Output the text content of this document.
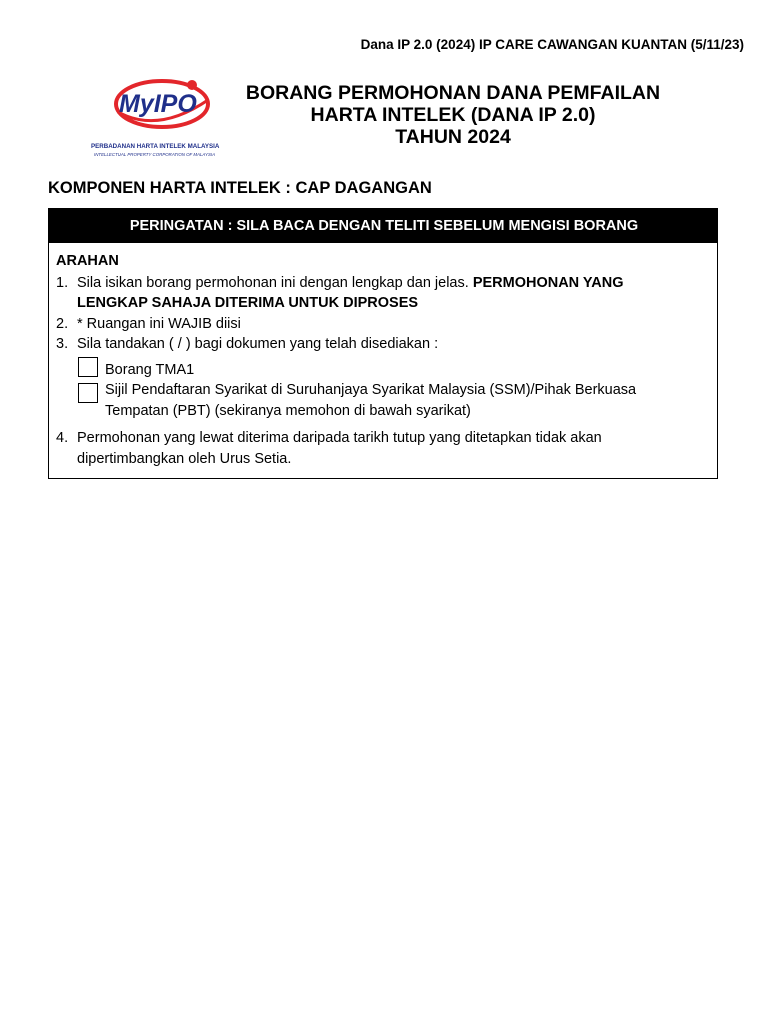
Dana IP 2.0 (2024) IP CARE CAWANGAN KUANTAN (5/11/23)
MyIPO
PERBADANAN HARTA INTELEK MALAYSIA
INTELLECTUAL PROPERTY CORPORATION OF MALAYSIA
BORANG PERMOHONAN DANA PEMFAILAN
HARTA INTELEK (DANA IP 2.0)
TAHUN 2024
KOMPONEN HARTA INTELEK : CAP DAGANGAN
PERINGATAN : SILA BACA DENGAN TELITI SEBELUM MENGISI BORANG
ARAHAN
1. Sila isikan borang permohonan ini dengan lengkap dan jelas. PERMOHONAN YANG LENGKAP SAHAJA DITERIMA UNTUK DIPROSES
2. * Ruangan ini WAJIB diisi
3. Sila tandakan ( / ) bagi dokumen yang telah disediakan :
Borang TMA1
Sijil Pendaftaran Syarikat di Suruhanjaya Syarikat Malaysia (SSM)/Pihak Berkuasa Tempatan (PBT) (sekiranya memohon di bawah syarikat)
4. Permohonan yang lewat diterima daripada tarikh tutup yang ditetapkan tidak akan dipertimbangkan oleh Urus Setia.
